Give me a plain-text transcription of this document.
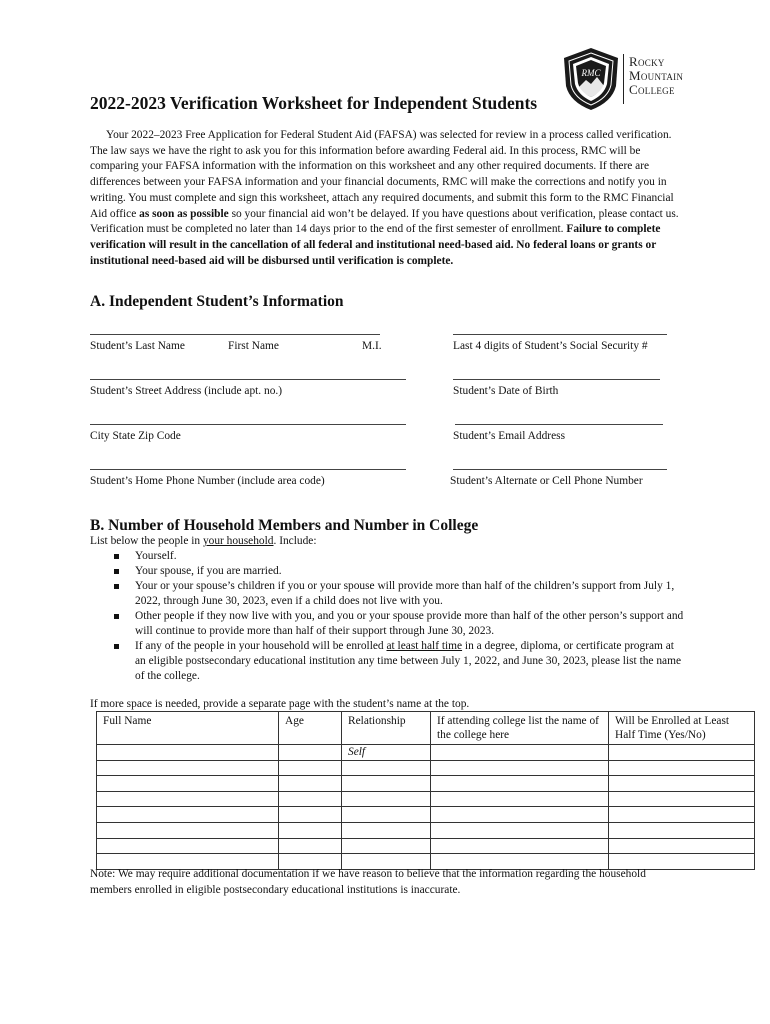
RMC
Rocky
Mountain
College
2022-2023 Verification Worksheet for Independent Students

Your 2022–2023 Free Application for Federal Student Aid (FAFSA) was selected for review in a process called verification. The law says we have the right to ask you for this information before awarding Federal aid. In this process, RMC will be comparing your FAFSA information with the information on this worksheet and any other required documents. If there are differences between your FAFSA information and your financial documents, RMC will make the corrections and notify you in writing. You must complete and sign this worksheet, attach any required documents, and submit this form to the RMC Financial Aid office as soon as possible so your financial aid won’t be delayed. If you have questions about verification, please contact us. Verification must be completed no later than 14 days prior to the end of the first semester of enrollment. Failure to complete verification will result in the cancellation of all federal and institutional need-based aid. No federal loans or grants or institutional need-based aid will be disbursed until verification is complete.

A. Independent Student’s Information
Student’s Last Name	First Name	M.I.	Last 4 digits of Student’s Social Security #
Student’s Street Address (include apt. no.)	Student’s Date of Birth
City State Zip Code	Student’s Email Address
Student’s Home Phone Number (include area code)	Student’s Alternate or Cell Phone Number
B. Number of Household Members and Number in College
List below the people in your household. Include:
Yourself.
Your spouse, if you are married.
Your or your spouse’s children if you or your spouse will provide more than half of the children’s support from July 1, 2022, through June 30, 2023, even if a child does not live with you.
Other people if they now live with you, and you or your spouse provide more than half of the other person’s support and will continue to provide more than half of their support through June 30, 2023.
If any of the people in your household will be enrolled at least half time in a degree, diploma, or certificate program at an eligible postsecondary educational institution any time between July 1, 2022, and June 30, 2023, please list the name of the college.
If more space is needed, provide a separate page with the student’s name at the top.
Full Name	Age	Relationship	If attending college list the name of the college here	Will be Enrolled at Least Half Time (Yes/No)
		Self		

Note: We may require additional documentation if we have reason to believe that the information regarding the household members enrolled in eligible postsecondary educational institutions is inaccurate.
